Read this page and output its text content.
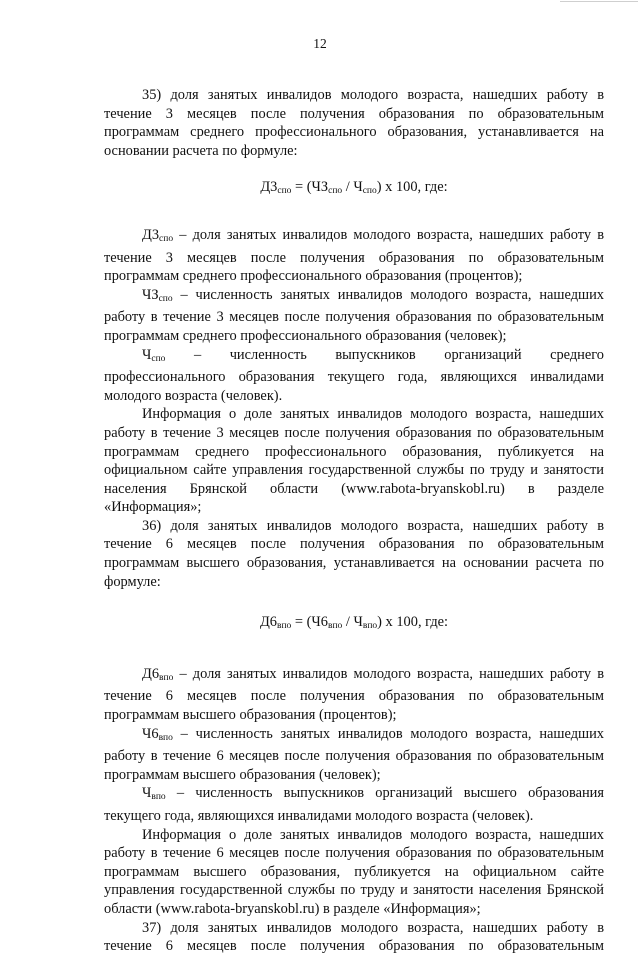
12

35) доля занятых инвалидов молодого возраста, нашедших работу в течение 3 месяцев после получения образования по образовательным программам среднего профессионального образования, устанавливается на основании расчета по формуле:

$Д3_{спо} = (ЧЗ_{спо} / Ч_{спо})$ х 100, где:

$Д3_{спо}$ – доля занятых инвалидов молодого возраста, нашедших работу в течение 3 месяцев после получения образования по образовательным программам среднего профессионального образования (процентов);

$ЧЗ_{спо}$ – численность занятых инвалидов молодого возраста, нашедших работу в течение 3 месяцев после получения образования по образовательным программам среднего профессионального образования (человек);

$Ч_{спо}$ – численность выпускников организаций среднего профессионального образования текущего года, являющихся инвалидами молодого возраста (человек).

Информация о доле занятых инвалидов молодого возраста, нашедших работу в течение 3 месяцев после получения образования по образовательным программам среднего профессионального образования, публикуется на официальном сайте управления государственной службы по труду и занятости населения Брянской области (www.rabota-bryanskobl.ru) в разделе «Информация»;

36) доля занятых инвалидов молодого возраста, нашедших работу в течение 6 месяцев после получения образования по образовательным программам высшего образования, устанавливается на основании расчета по формуле:

$Д6_{впо} = (Ч6_{впо} / Ч_{впо})$ х 100, где:

$Д6_{впо}$ – доля занятых инвалидов молодого возраста, нашедших работу в течение 6 месяцев после получения образования по образовательным программам высшего образования (процентов);

$Ч6_{впо}$ – численность занятых инвалидов молодого возраста, нашедших работу в течение 6 месяцев после получения образования по образовательным программам высшего образования (человек);

$Ч_{впо}$ – численность выпускников организаций высшего образования текущего года, являющихся инвалидами молодого возраста (человек).

Информация о доле занятых инвалидов молодого возраста, нашедших работу в течение 6 месяцев после получения образования по образовательным программам высшего образования, публикуется на официальном сайте управления государственной службы по труду и занятости населения Брянской области (www.rabota-bryanskobl.ru) в разделе «Информация»;

37) доля занятых инвалидов молодого возраста, нашедших работу в течение 6 месяцев после получения образования по образовательным
